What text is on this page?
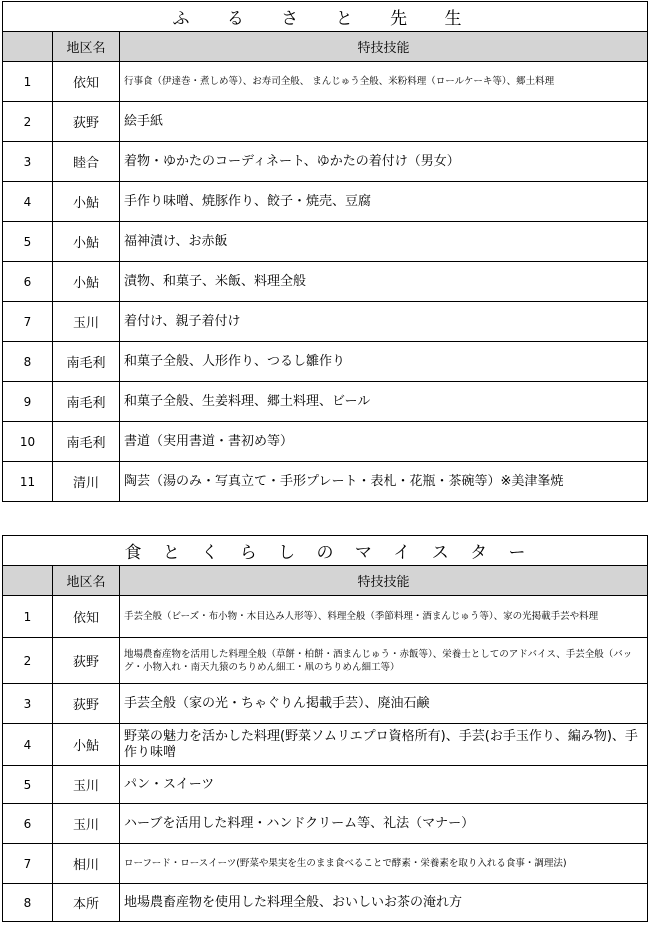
ふ る さ と 先 生		
	地区名	特技技能
1	依知	行事食（伊達巻・煮しめ等）、お寿司全般、 まんじゅう全般、米粉料理（ロールケーキ等）、郷土料理
2	荻野	絵手紙
3	睦合	着物・ゆかたのコーディネート、ゆかたの着付け（男女）
4	小鮎	手作り味噌、焼豚作り、餃子・焼売、豆腐
5	小鮎	福神漬け、お赤飯
6	小鮎	漬物、和菓子、米飯、料理全般
7	玉川	着付け、親子着付け
8	南毛利	和菓子全般、人形作り、つるし雛作り
9	南毛利	和菓子全般、生姜料理、郷土料理、ビール
10	南毛利	書道（実用書道・書初め等）
11	清川	陶芸（湯のみ・写真立て・手形プレート・表札・花瓶・茶碗等）※美津峯焼
食 と く ら し の マ イ ス タ ー		
	地区名	特技技能
1	依知	手芸全般（ビーズ・布小物・木目込み人形等）、料理全般（季節料理・酒まんじゅう等）、家の光掲載手芸や料理
2	荻野	地場農畜産物を活用した料理全般（草餅・柏餅・酒まんじゅう・赤飯等）、栄養士としてのアドバイス、手芸全般（バッグ・小物入れ・南天九猿のちりめん細工・凧のちりめん細工等）
3	荻野	手芸全般（家の光・ちゃぐりん掲載手芸）、廃油石鹸
4	小鮎	野菜の魅力を活かした料理(野菜ソムリエプロ資格所有)、手芸(お手玉作り、編み物)、手作り味噌
5	玉川	パン・スイーツ
6	玉川	ハーブを活用した料理・ハンドクリーム等、礼法（マナー）
7	相川	ローフード・ロースイーツ(野菜や果実を生のまま食べることで酵素・栄養素を取り入れる食事・調理法)
8	本所	地場農畜産物を使用した料理全般、おいしいお茶の淹れ方
